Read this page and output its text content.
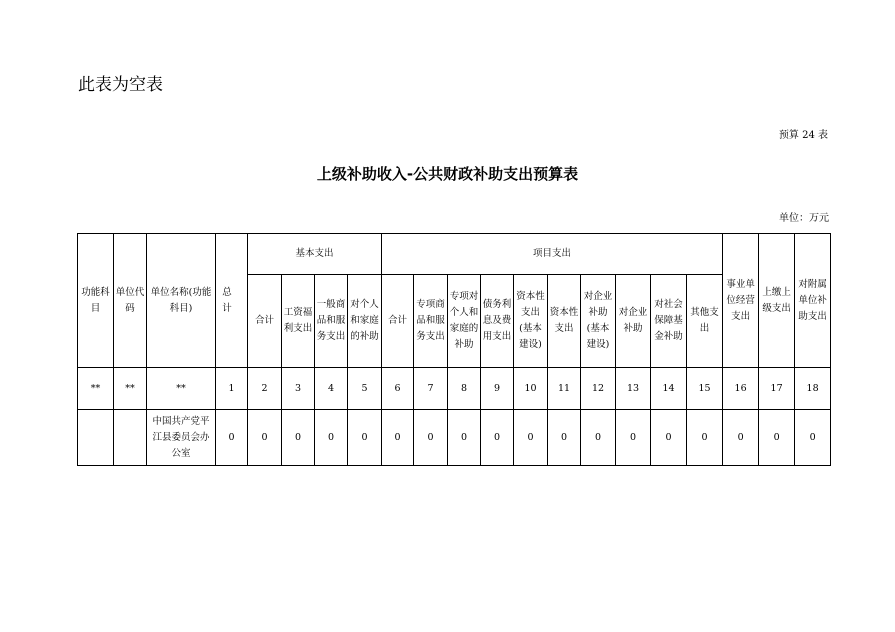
此表为空表
预算 24 表
上级补助收入-公共财政补助支出预算表
单位：万元
功能科目	单位代码	单位名称(功能科目)	总 计	基本支出				项目支出										事业单位经营支出	上缴上级支出	对附属单位补助支出
				合计	工资福利支出	一般商品和服务支出	对个人和家庭的补助	合计	专项商品和服务支出	专项对个人和家庭的补助	债务利息及费用支出	资本性支出(基本建设)	资本性支出	对企业补助(基本建设)	对企业补助	对社会保障基金补助	其他支出			
**	**	**	1	2	3	4	5	6	7	8	9	10	11	12	13	14	15	16	17	18
		中国共产党平江县委员会办公室	0	0	0	0	0	0	0	0	0	0	0	0	0	0	0	0	0	0
